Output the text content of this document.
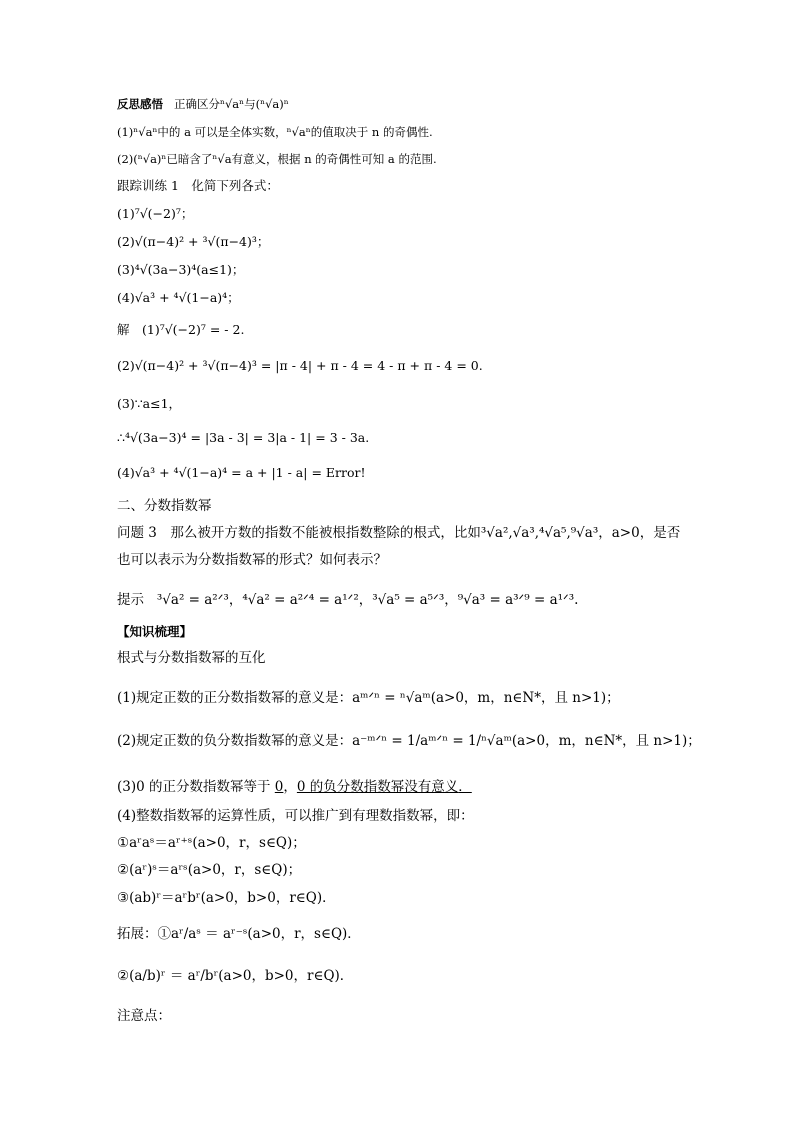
反思感悟 正确区分ⁿ√aⁿ与(ⁿ√a)ⁿ
(1)ⁿ√aⁿ中的 a 可以是全体实数，ⁿ√aⁿ的值取决于 n 的奇偶性.
(2)(ⁿ√a)ⁿ已暗含了ⁿ√a有意义，根据 n 的奇偶性可知 a 的范围.
跟踪训练 1　化简下列各式：
(1)⁷√(−2)⁷；
(2)√(π−4)² + ³√(π−4)³；
(3)⁴√(3a−3)⁴(a≤1)；
(4)√a³ + ⁴√(1−a)⁴；
解　(1)⁷√(−2)⁷ = - 2.
(2)√(π−4)² + ³√(π−4)³ = |π - 4| + π - 4 = 4 - π + π - 4 = 0.
(3)∵a≤1，
∴⁴√(3a−3)⁴ = |3a - 3| = 3|a - 1| = 3 - 3a.
(4)√a³ + ⁴√(1−a)⁴ = a + |1 - a| = Error!
二、分数指数幂
问题 3　那么被开方数的指数不能被根指数整除的根式，比如³√a²,√a³,⁴√a⁵,⁹√a³，a>0，是否
也可以表示为分数指数幂的形式？如何表示？
提示 ³√a² = a²ᐟ³，⁴√a² = a²ᐟ⁴ = a¹ᐟ²，³√a⁵ = a⁵ᐟ³，⁹√a³ = a³ᐟ⁹ = a¹ᐟ³.
【知识梳理】
根式与分数指数幂的互化
(1)规定正数的正分数指数幂的意义是：aᵐᐟⁿ = ⁿ√aᵐ(a>0，m，n∈N*，且 n>1)；
(2)规定正数的负分数指数幂的意义是：a⁻ᵐᐟⁿ = 1/aᵐᐟⁿ = 1/ⁿ√aᵐ(a>0，m，n∈N*，且 n>1)；
(3)0 的正分数指数幂等于 0，0 的负分数指数幂没有意义．
(4)整数指数幂的运算性质，可以推广到有理数指数幂，即：
①aʳaˢ＝aʳ⁺ˢ(a>0，r，s∈Q)；
②(aʳ)ˢ＝aʳˢ(a>0，r，s∈Q)；
③(ab)ʳ＝aʳbʳ(a>0，b>0，r∈Q)．
拓展：①aʳ/aˢ ＝ aʳ⁻ˢ(a>0，r，s∈Q)．
②(a/b)ʳ ＝ aʳ/bʳ(a>0，b>0，r∈Q)．
注意点：
